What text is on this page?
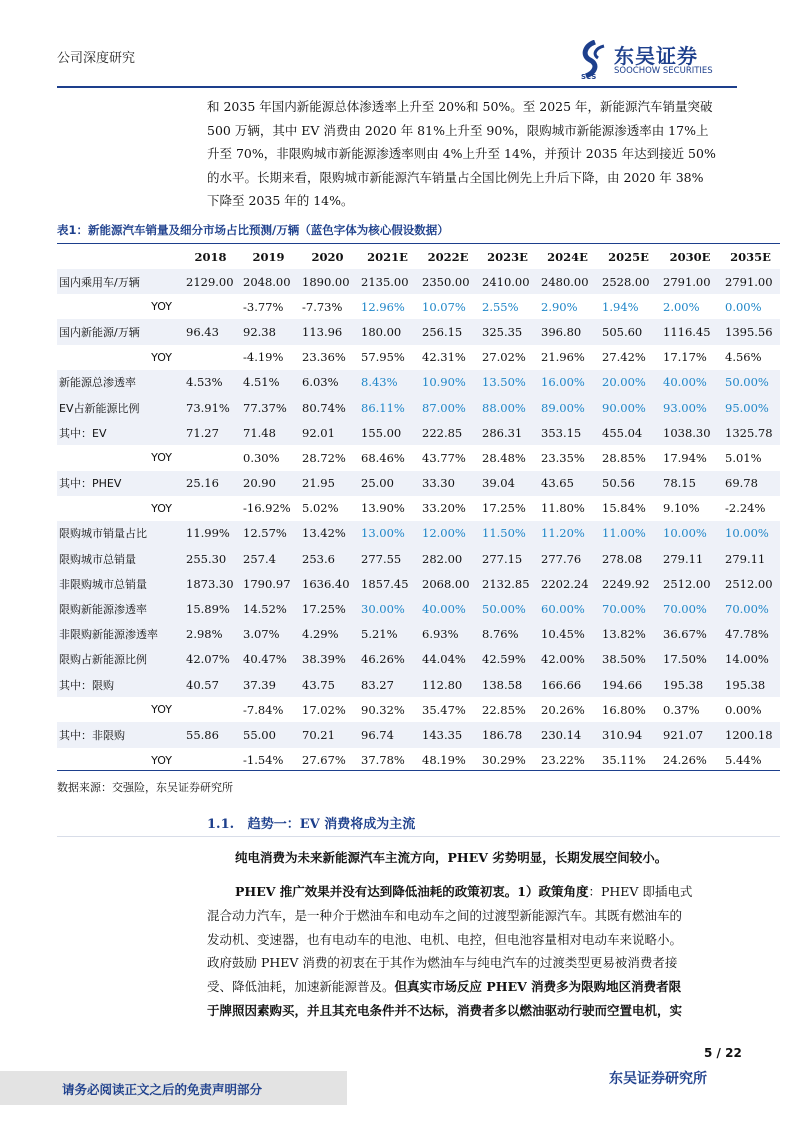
公司深度研究
SCS
东吴证券
SOOCHOW SECURITIES
和 2035 年国内新能源总体渗透率上升至 20%和 50%。至 2025 年，新能源汽车销量突破
500 万辆，其中 EV 消费由 2020 年 81%上升至 90%，限购城市新能源渗透率由 17%上
升至 70%，非限购城市新能源渗透率则由 4%上升至 14%，并预计 2035 年达到接近 50%
的水平。长期来看，限购城市新能源汽车销量占全国比例先上升后下降，由 2020 年 38%
下降至 2035 年的 14%。
表1：新能源汽车销量及细分市场占比预测/万辆（蓝色字体为核心假设数据）
	2018	2019	2020	2021E	2022E	2023E	2024E	2025E	2030E	2035E
国内乘用车/万辆	2129.00	2048.00	1890.00	2135.00	2350.00	2410.00	2480.00	2528.00	2791.00	2791.00
YOY		-3.77%	-7.73%	12.96%	10.07%	2.55%	2.90%	1.94%	2.00%	0.00%
国内新能源/万辆	96.43	92.38	113.96	180.00	256.15	325.35	396.80	505.60	1116.45	1395.56
YOY		-4.19%	23.36%	57.95%	42.31%	27.02%	21.96%	27.42%	17.17%	4.56%
新能源总渗透率	4.53%	4.51%	6.03%	8.43%	10.90%	13.50%	16.00%	20.00%	40.00%	50.00%
EV占新能源比例	73.91%	77.37%	80.74%	86.11%	87.00%	88.00%	89.00%	90.00%	93.00%	95.00%
其中：EV	71.27	71.48	92.01	155.00	222.85	286.31	353.15	455.04	1038.30	1325.78
YOY		0.30%	28.72%	68.46%	43.77%	28.48%	23.35%	28.85%	17.94%	5.01%
其中：PHEV	25.16	20.90	21.95	25.00	33.30	39.04	43.65	50.56	78.15	69.78
YOY		-16.92%	5.02%	13.90%	33.20%	17.25%	11.80%	15.84%	9.10%	-2.24%
限购城市销量占比	11.99%	12.57%	13.42%	13.00%	12.00%	11.50%	11.20%	11.00%	10.00%	10.00%
限购城市总销量	255.30	257.4	253.6	277.55	282.00	277.15	277.76	278.08	279.11	279.11
非限购城市总销量	1873.30	1790.97	1636.40	1857.45	2068.00	2132.85	2202.24	2249.92	2512.00	2512.00
限购新能源渗透率	15.89%	14.52%	17.25%	30.00%	40.00%	50.00%	60.00%	70.00%	70.00%	70.00%
非限购新能源渗透率	2.98%	3.07%	4.29%	5.21%	6.93%	8.76%	10.45%	13.82%	36.67%	47.78%
限购占新能源比例	42.07%	40.47%	38.39%	46.26%	44.04%	42.59%	42.00%	38.50%	17.50%	14.00%
其中：限购	40.57	37.39	43.75	83.27	112.80	138.58	166.66	194.66	195.38	195.38
YOY		-7.84%	17.02%	90.32%	35.47%	22.85%	20.26%	16.80%	0.37%	0.00%
其中：非限购	55.86	55.00	70.21	96.74	143.35	186.78	230.14	310.94	921.07	1200.18
YOY		-1.54%	27.67%	37.78%	48.19%	30.29%	23.22%	35.11%	24.26%	5.44%
数据来源：交强险，东吴证券研究所
1.1. 趋势一：EV 消费将成为主流
纯电消费为未来新能源汽车主流方向，PHEV 劣势明显，长期发展空间较小。
PHEV 推广效果并没有达到降低油耗的政策初衷。1）政策角度：PHEV 即插电式
混合动力汽车，是一种介于燃油车和电动车之间的过渡型新能源汽车。其既有燃油车的
发动机、变速器，也有电动车的电池、电机、电控，但电池容量相对电动车来说略小。
政府鼓励 PHEV 消费的初衷在于其作为燃油车与纯电汽车的过渡类型更易被消费者接
受、降低油耗，加速新能源普及。但真实市场反应 PHEV 消费多为限购地区消费者限
于牌照因素购买，并且其充电条件并不达标，消费者多以燃油驱动行驶而空置电机，实
5 / 22
请务必阅读正文之后的免责声明部分
东吴证券研究所
